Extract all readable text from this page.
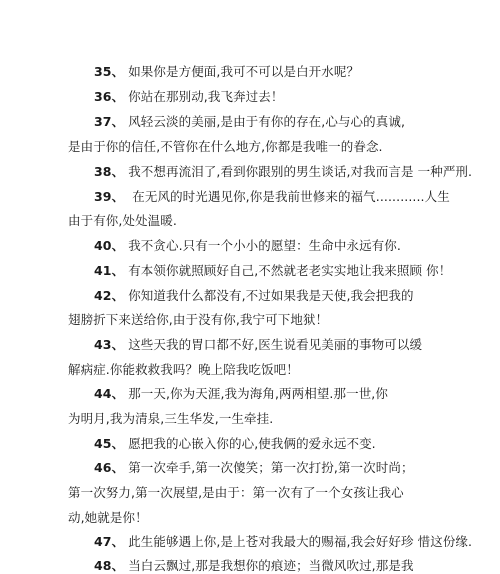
35、 如果你是方便面,我可不可以是白开水呢？
36、 你站在那别动,我飞奔过去！
37、 风轻云淡的美丽,是由于有你的存在,心与心的真诚,
是由于你的信任,不管你在什么地方,你都是我唯一的眷念.
38、 我不想再流泪了,看到你跟别的男生谈话,对我而言是 一种严刑.
39、 在无风的时光遇见你,你是我前世修来的福气............人生
由于有你,处处温暖.
40、 我不贪心.只有一个小小的愿望：生命中永远有你.
41、 有本领你就照顾好自己,不然就老老实实地让我来照顾 你！
42、 你知道我什么都没有,不过如果我是天使,我会把我的
翅膀折下来送给你,由于没有你,我宁可下地狱！
43、 这些天我的胃口都不好,医生说看见美丽的事物可以缓
解病症.你能救救我吗？晚上陪我吃饭吧！
44、 那一天,你为天涯,我为海角,两两相望.那一世,你
为明月,我为清泉,三生华发,一生牵挂.
45、 愿把我的心嵌入你的心,使我俩的爱永远不变.
46、 第一次牵手,第一次傻笑；第一次打扮,第一次时尚；
第一次努力,第一次展望,是由于：第一次有了一个女孩让我心
动,她就是你！
47、 此生能够遇上你,是上苍对我最大的赐福,我会好好珍 惜这份缘.
48、 当白云飘过,那是我想你的痕迹；当微风吹过,那是我
